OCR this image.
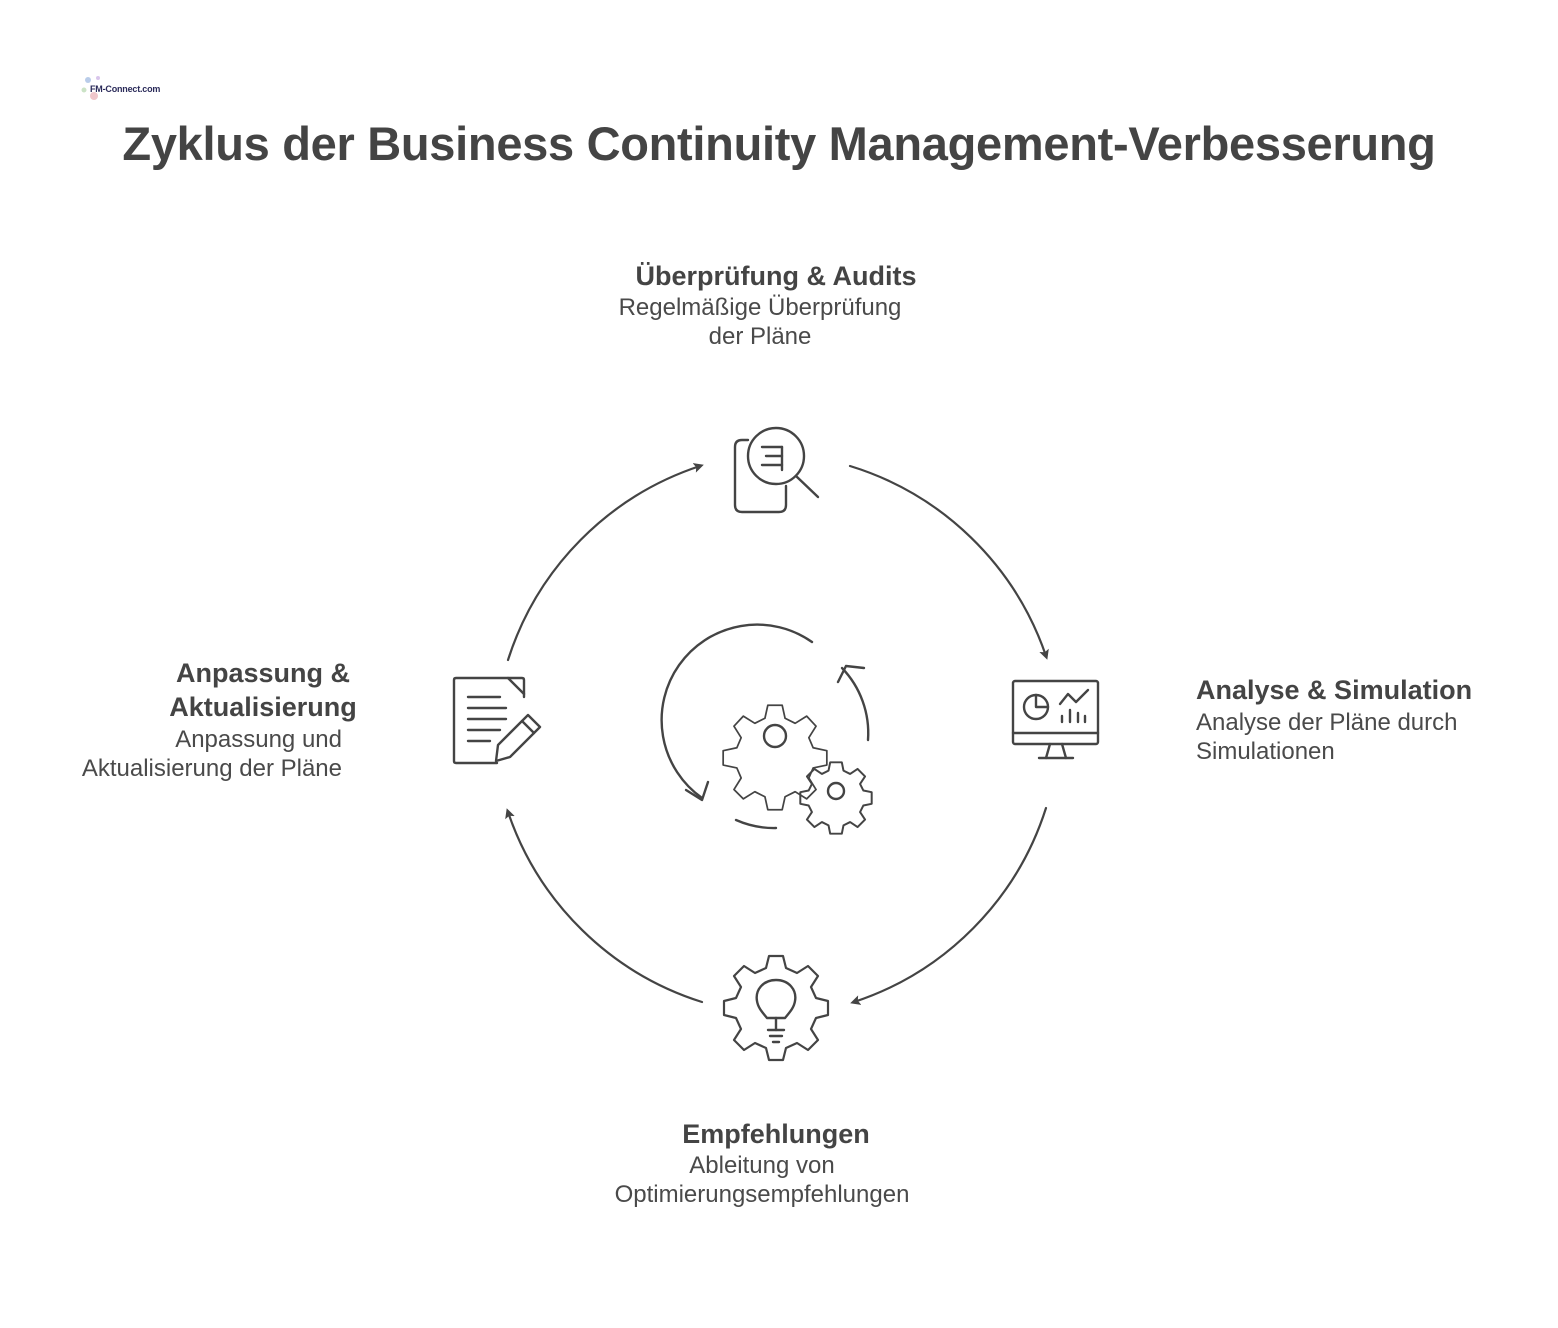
FM-Connect.com
Zyklus der Business Continuity Management-Verbesserung
Überprüfung & Audits
Regelmäßige Überprüfung
der Pläne
Analyse & Simulation
Analyse der Pläne durch
Simulationen
Empfehlungen
Ableitung von
Optimierungsempfehlungen
Anpassung &
Aktualisierung
Anpassung und
Aktualisierung der Pläne
